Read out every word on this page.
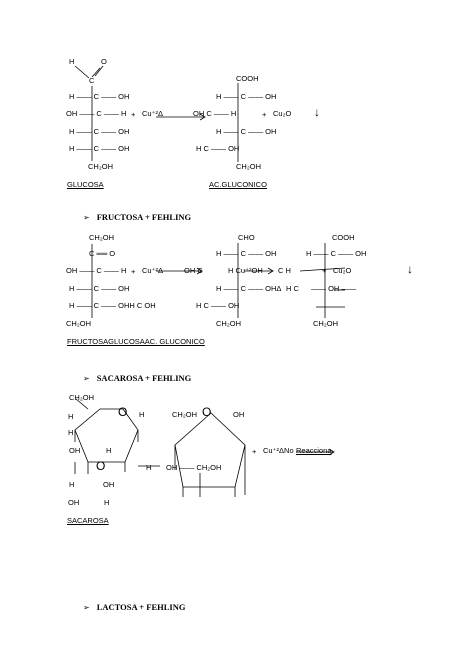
H	O
C
H —— C —— OH
OH —— C —— H
H —— C —— OH
H —— C —— OH
CH₂OH
+ Cu⁺²Δ
GLUCOSA
COOH
H —— C —— OH
OH C —— H
H —— C —— OH
H C —— OH
CH₂OH
+ Cu₂O ↓
AC.GLUCONICO
➢ FRUCTOSA + FEHLING
CH₂OH
C ══ O
OH —— C —— H
H —— C —— OH
H —— C —— OHH C OH
CH₂OH
+ Cu⁺²Δ	OH C
CHO
H —— C —— OH
H Cu⁺²OH
H —— C —— OHΔ
H C —— OH
CH₂OH
C H
H C
COOH
H —— C —— OH
+ Cu₂O
—— OH ——
CH₂OH
↓
FRUCTOSAGLUCOSAAC. GLUCONICO
➢ SACAROSA + FEHLING
CH₂OH
O H
H
H
OH	H
O	H
H	OH
OH	H
CH₂OH O	OH
OH —— CH₂OH
+ Cu⁺²ΔNo Reacciona
SACAROSA
➢ LACTOSA + FEHLING
